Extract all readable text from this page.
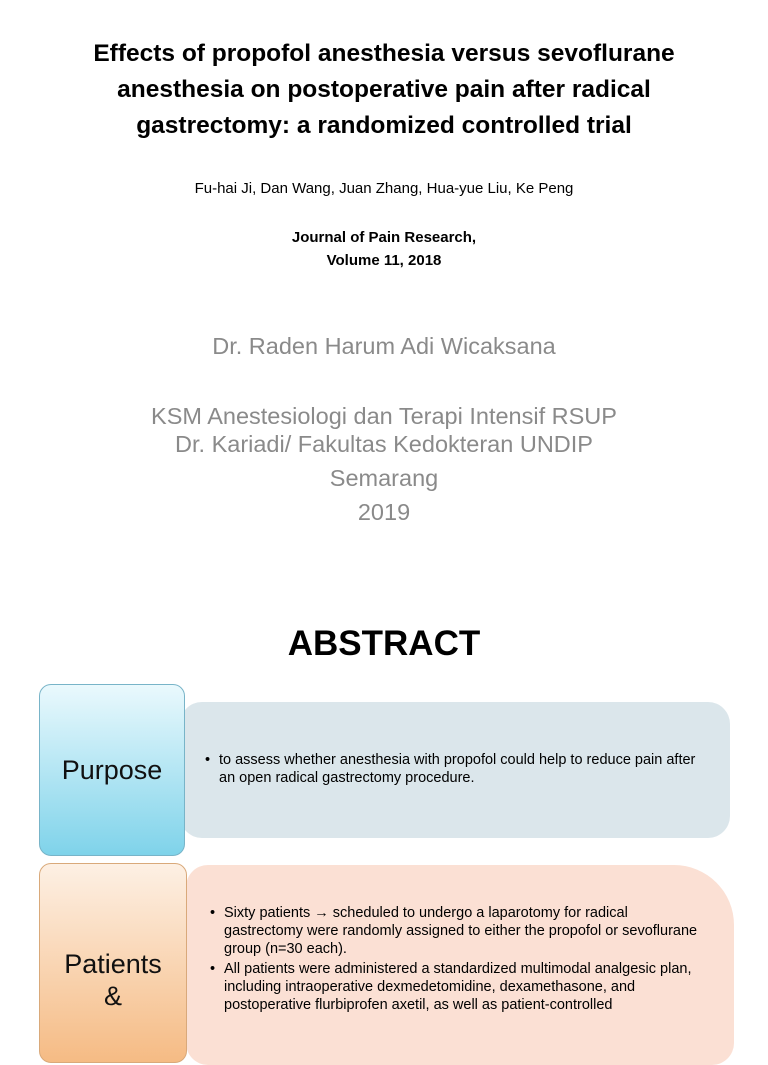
Effects of propofol anesthesia versus sevoflurane anesthesia on postoperative pain after radical gastrectomy: a randomized controlled trial
Fu-hai Ji, Dan Wang, Juan Zhang, Hua-yue Liu, Ke Peng
Journal of Pain Research,
Volume 11, 2018
Dr. Raden Harum Adi Wicaksana
KSM Anestesiologi dan Terapi Intensif RSUP
Dr. Kariadi/ Fakultas Kedokteran UNDIP
Semarang
2019
ABSTRACT
Purpose
•	to assess whether anesthesia with propofol could help to reduce pain after an open radical gastrectomy procedure.
Patients
&
• Sixty patients → scheduled to undergo a laparotomy for radical gastrectomy were randomly assigned to either the propofol or sevoflurane group (n=30 each).
• All patients were administered a standardized multimodal analgesic plan, including intraoperative dexmedetomidine, dexamethasone, and postoperative flurbiprofen axetil, as well as patient-controlled
